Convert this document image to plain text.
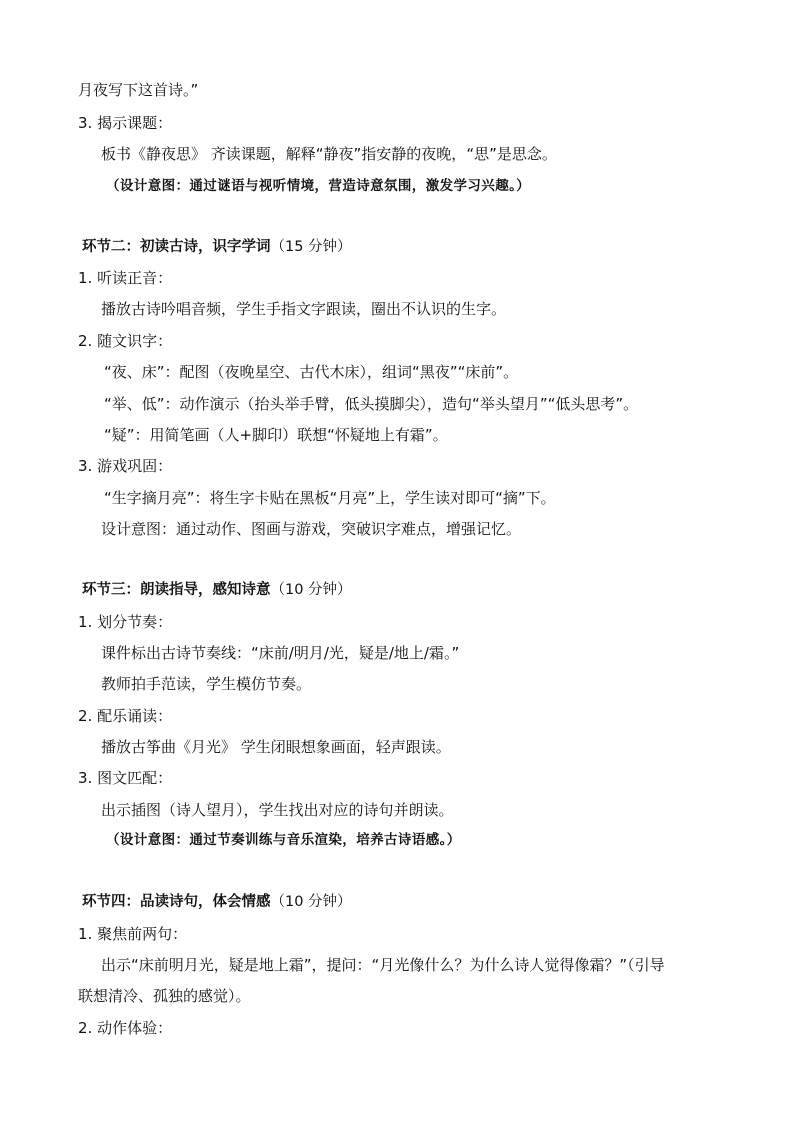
月夜写下这首诗。”

3. 揭示课题：

板书《静夜思》 齐读课题，解释“静夜”指安静的夜晚，“思”是思念。

（设计意图：通过谜语与视听情境，营造诗意氛围，激发学习兴趣。）

环节二：初读古诗，识字学词（15 分钟）

1. 听读正音：

播放古诗吟唱音频，学生手指文字跟读，圈出不认识的生字。

2. 随文识字：

“夜、床”：配图（夜晚星空、古代木床），组词“黑夜”“床前”。

“举、低”：动作演示（抬头举手臂，低头摸脚尖），造句“举头望月”“低头思考”。

“疑”：用简笔画（人+脚印）联想“怀疑地上有霜”。

3. 游戏巩固：

“生字摘月亮”：将生字卡贴在黑板“月亮”上，学生读对即可“摘”下。

设计意图：通过动作、图画与游戏，突破识字难点，增强记忆。

环节三：朗读指导，感知诗意（10 分钟）

1. 划分节奏：

课件标出古诗节奏线：“床前/明月/光，疑是/地上/霜。”

教师拍手范读，学生模仿节奏。

2. 配乐诵读：

播放古筝曲《月光》 学生闭眼想象画面，轻声跟读。

3. 图文匹配：

出示插图（诗人望月），学生找出对应的诗句并朗读。

（设计意图：通过节奏训练与音乐渲染，培养古诗语感。）

环节四：品读诗句，体会情感（10 分钟）

1. 聚焦前两句：

出示“床前明月光，疑是地上霜”，提问：“月光像什么？为什么诗人觉得像霜？”（引导

联想清冷、孤独的感觉）。

2. 动作体验：
